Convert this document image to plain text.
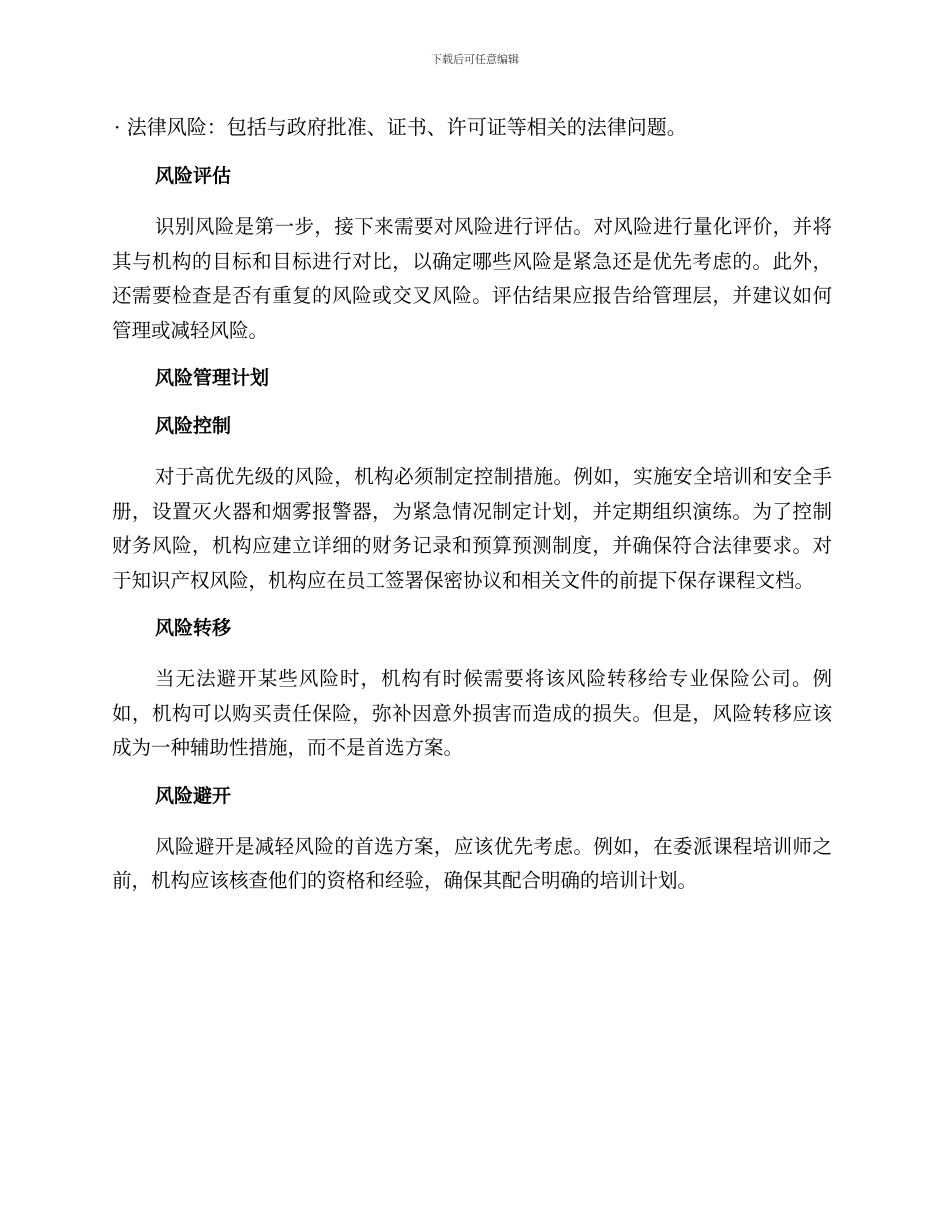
下载后可任意编辑
· 法律风险：包括与政府批准、证书、许可证等相关的法律问题。
风险评估
识别风险是第一步，接下来需要对风险进行评估。对风险进行量化评价，并将其与机构的目标和目标进行对比，以确定哪些风险是紧急还是优先考虑的。此外，还需要检查是否有重复的风险或交叉风险。评估结果应报告给管理层，并建议如何管理或减轻风险。
风险管理计划
风险控制
对于高优先级的风险，机构必须制定控制措施。例如，实施安全培训和安全手册，设置灭火器和烟雾报警器，为紧急情况制定计划，并定期组织演练。为了控制财务风险，机构应建立详细的财务记录和预算预测制度，并确保符合法律要求。对于知识产权风险，机构应在员工签署保密协议和相关文件的前提下保存课程文档。
风险转移
当无法避开某些风险时，机构有时候需要将该风险转移给专业保险公司。例如，机构可以购买责任保险，弥补因意外损害而造成的损失。但是，风险转移应该成为一种辅助性措施，而不是首选方案。
风险避开
风险避开是减轻风险的首选方案，应该优先考虑。例如，在委派课程培训师之前，机构应该核查他们的资格和经验，确保其配合明确的培训计划。
